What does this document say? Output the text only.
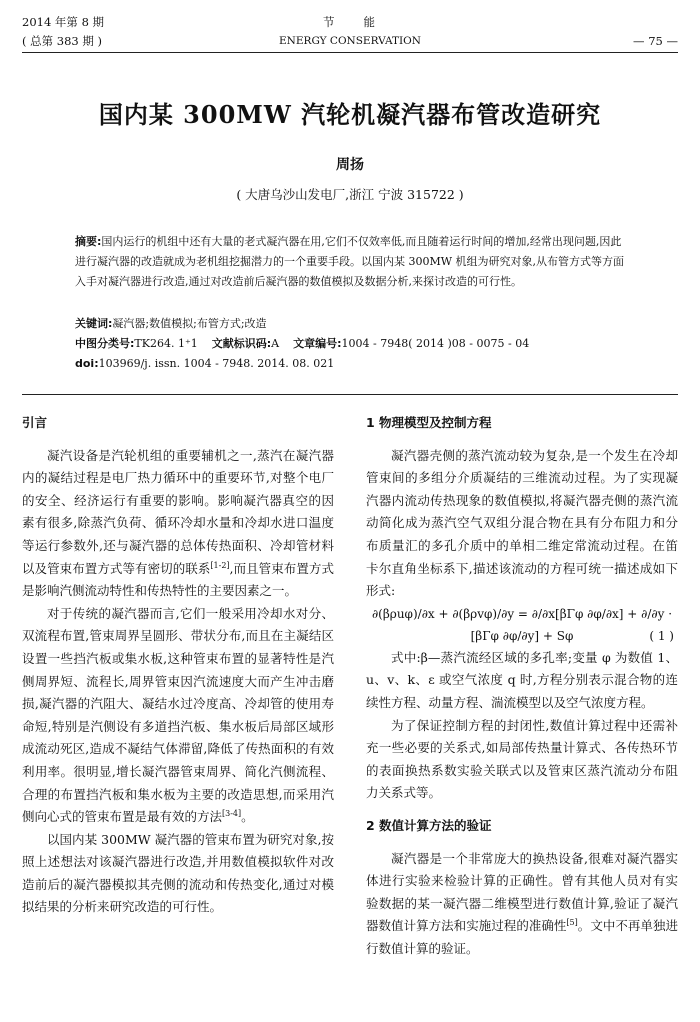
2014 年第 8 期
( 总第 383 期 )
节　　能
ENERGY CONSERVATION	— 75 —
国内某 300MW 汽轮机凝汽器布管改造研究
周扬
( 大唐乌沙山发电厂,浙江 宁波 315722 )
摘要:国内运行的机组中还有大量的老式凝汽器在用,它们不仅效率低,而且随着运行时间的增加,经常出现问题,因此进行凝汽器的改造就成为老机组挖掘潜力的一个重要手段。以国内某 300MW 机组为研究对象,从布管方式等方面入手对凝汽器进行改造,通过对改造前后凝汽器的数值模拟及数据分析,来探讨改造的可行性。
关键词:凝汽器;数值模拟;布管方式;改造
中图分类号:TK264. 1⁺1 文献标识码:A 文章编号:1004 - 7948( 2014 )08 - 0075 - 04
doi:103969/j. issn. 1004 - 7948. 2014. 08. 021
引言

凝汽设备是汽轮机组的重要辅机之一,蒸汽在凝汽器内的凝结过程是电厂热力循环中的重要环节,对整个电厂的安全、经济运行有重要的影响。影响凝汽器真空的因素有很多,除蒸汽负荷、循环冷却水量和冷却水进口温度等运行参数外,还与凝汽器的总体传热面积、冷却管材料以及管束布置方式等有密切的联系[1-2],而且管束布置方式是影响汽侧流动特性和传热特性的主要因素之一。

对于传统的凝汽器而言,它们一般采用冷却水对分、双流程布置,管束周界呈圆形、带状分布,而且在主凝结区设置一些挡汽板或集水板,这种管束布置的显著特性是汽侧周界短、流程长,周界管束因汽流速度大而产生冲击磨损,凝汽器的汽阻大、凝结水过冷度高、冷却管的使用寿命短,特别是汽侧设有多道挡汽板、集水板后局部区域形成流动死区,造成不凝结气体滞留,降低了传热面积的有效利用率。很明显,增长凝汽器管束周界、简化汽侧流程、合理的布置挡汽板和集水板为主要的改造思想,而采用汽侧向心式的管束布置是最有效的方法[3-4]。

以国内某 300MW 凝汽器的管束布置为研究对象,按照上述想法对该凝汽器进行改造,并用数值模拟软件对改造前后的凝汽器模拟其壳侧的流动和传热变化,通过对模拟结果的分析来研究改造的可行性。

1 物理模型及控制方程

凝汽器壳侧的蒸汽流动较为复杂,是一个发生在冷却管束间的多组分介质凝结的三维流动过程。为了实现凝汽器内流动传热现象的数值模拟,将凝汽器壳侧的蒸汽流动简化成为蒸汽空气双组分混合物在具有分布阻力和分布质量汇的多孔介质中的单相二维定常流动过程。在笛卡尔直角坐标系下,描述该流动的方程可统一描述成如下形式:

∂(βρuφ)/∂x + ∂(βρvφ)/∂y = ∂/∂x[βΓφ ∂φ/∂x] + ∂/∂y ·
[βΓφ ∂φ/∂y] + Sφ	( 1 )

式中:β—蒸汽流经区域的多孔率;变量 φ 为数值 1、u、v、k、ε 或空气浓度 q 时,方程分别表示混合物的连续性方程、动量方程、湍流模型以及空气浓度方程。

为了保证控制方程的封闭性,数值计算过程中还需补充一些必要的关系式,如局部传热量计算式、各传热环节的表面换热系数实验关联式以及管束区蒸汽流动分布阻力关系式等。

2 数值计算方法的验证

凝汽器是一个非常庞大的换热设备,很难对凝汽器实体进行实验来检验计算的正确性。曾有其他人员对有实验数据的某一凝汽器二维模型进行数值计算,验证了凝汽器数值计算方法和实施过程的准确性[5]。文中不再单独进行数值计算的验证。
